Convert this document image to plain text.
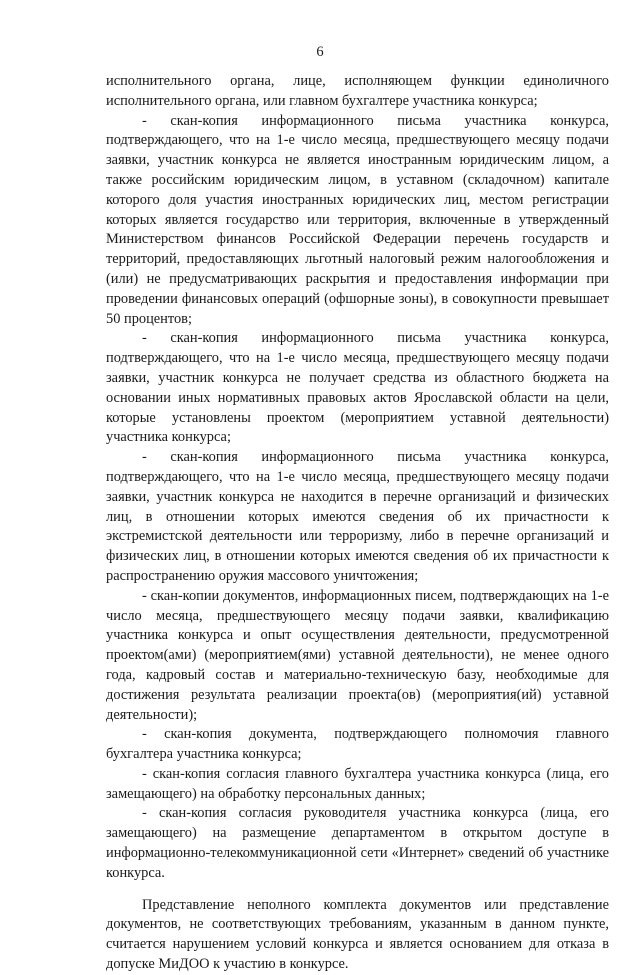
6

исполнительного органа, лице, исполняющем функции единоличного исполнительного органа, или главном бухгалтере участника конкурса;

- скан-копия информационного письма участника конкурса, подтверждающего, что на 1-е число месяца, предшествующего месяцу подачи заявки, участник конкурса не является иностранным юридическим лицом, а также российским юридическим лицом, в уставном (складочном) капитале которого доля участия иностранных юридических лиц, местом регистрации которых является государство или территория, включенные в утвержденный Министерством финансов Российской Федерации перечень государств и территорий, предоставляющих льготный налоговый режим налогообложения и (или) не предусматривающих раскрытия и предоставления информации при проведении финансовых операций (офшорные зоны), в совокупности превышает 50 процентов;

- скан-копия информационного письма участника конкурса, подтверждающего, что на 1-е число месяца, предшествующего месяцу подачи заявки, участник конкурса не получает средства из областного бюджета на основании иных нормативных правовых актов Ярославской области на цели, которые установлены проектом (мероприятием уставной деятельности) участника конкурса;

- скан-копия информационного письма участника конкурса, подтверждающего, что на 1-е число месяца, предшествующего месяцу подачи заявки, участник конкурса не находится в перечне организаций и физических лиц, в отношении которых имеются сведения об их причастности к экстремистской деятельности или терроризму, либо в перечне организаций и физических лиц, в отношении которых имеются сведения об их причастности к распространению оружия массового уничтожения;

- скан-копии документов, информационных писем, подтверждающих на 1-е число месяца, предшествующего месяцу подачи заявки, квалификацию участника конкурса и опыт осуществления деятельности, предусмотренной проектом(ами) (мероприятием(ями) уставной деятельности), не менее одного года, кадровый состав и материально-техническую базу, необходимые для достижения результата реализации проекта(ов) (мероприятия(ий) уставной деятельности);

- скан-копия документа, подтверждающего полномочия главного бухгалтера участника конкурса;

- скан-копия согласия главного бухгалтера участника конкурса (лица, его замещающего) на обработку персональных данных;

- скан-копия согласия руководителя участника конкурса (лица, его замещающего) на размещение департаментом в открытом доступе в информационно-телекоммуникационной сети «Интернет» сведений об участнике конкурса.

Представление неполного комплекта документов или представление документов, не соответствующих требованиям, указанным в данном пункте, считается нарушением условий конкурса и является основанием для отказа в допуске МиДОО к участию в конкурсе.
